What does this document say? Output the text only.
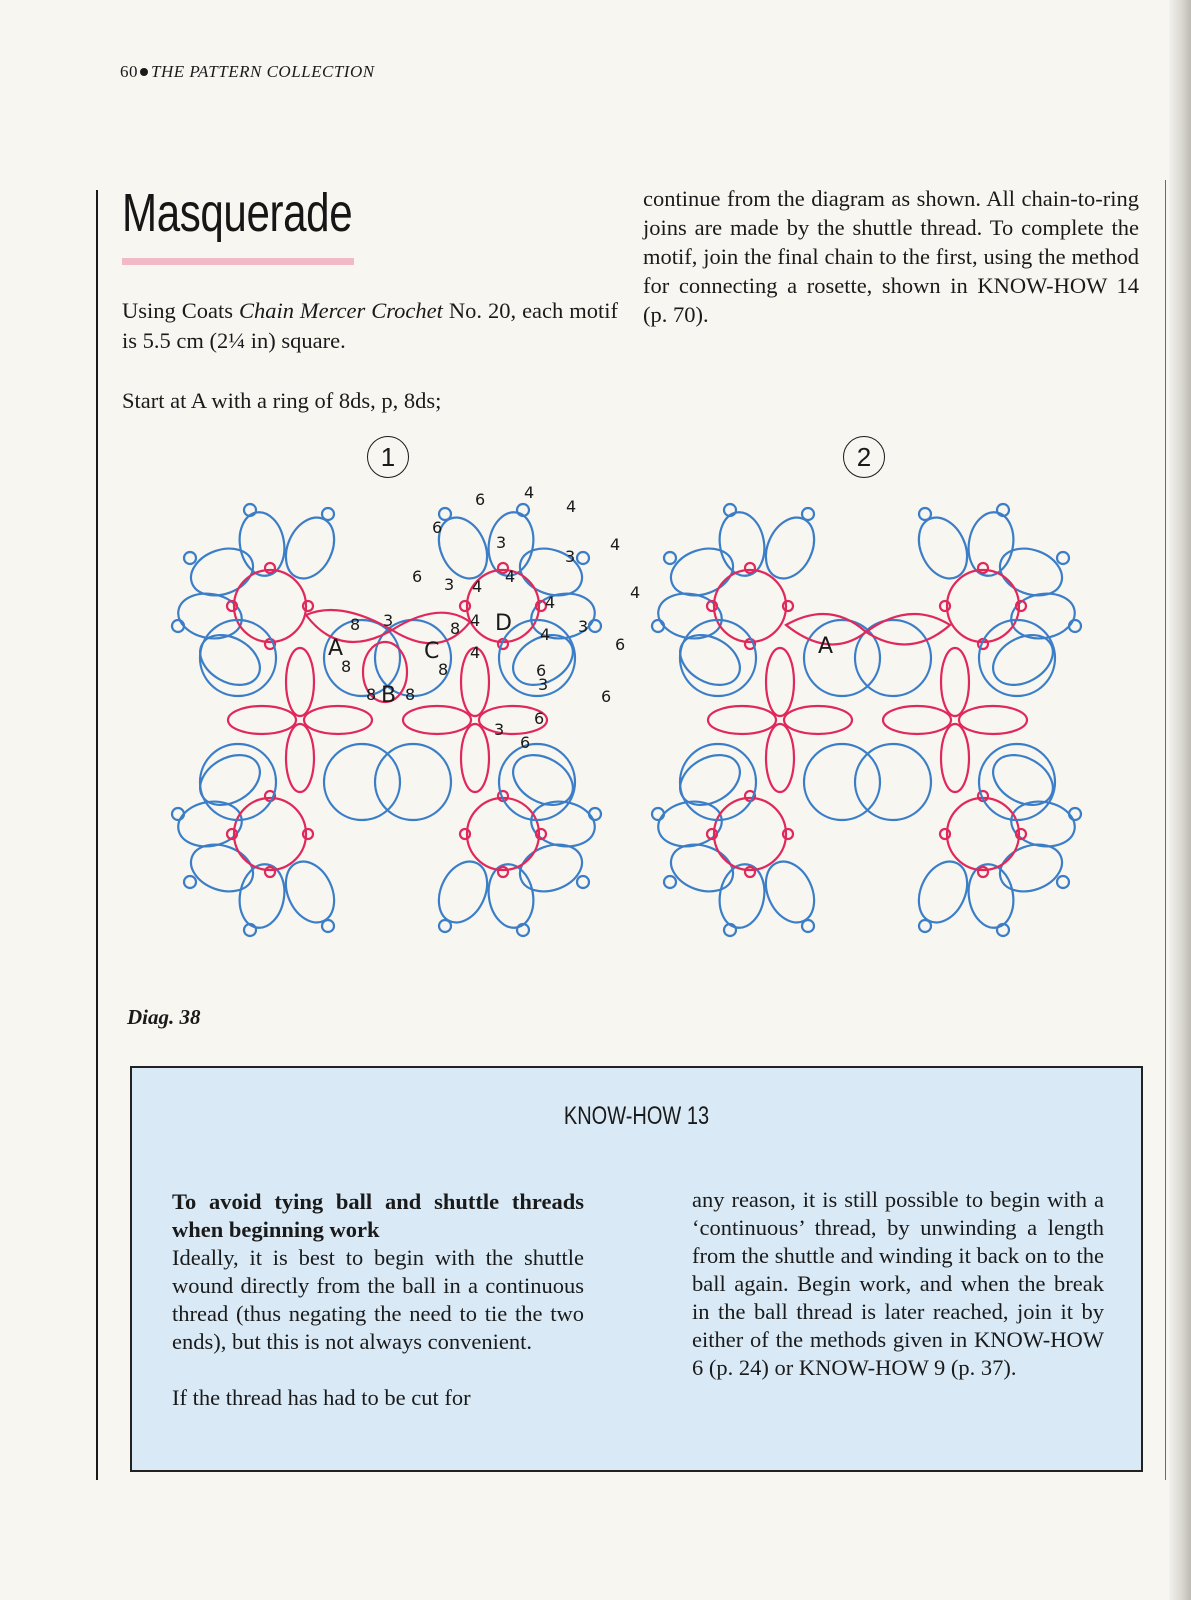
60 THE PATTERN COLLECTION
Masquerade

Using Coats Chain Mercer Crochet No. 20, each motif is 5.5 cm (2¼ in) square.

Start at A with a ring of 8ds, p, 8ds;

continue from the diagram as shown. All chain-to-ring joins are made by the shuttle thread. To complete the motif, join the final chain to the first, using the method for connecting a rosette, shown in KNOW-HOW 14 (p. 70).

1	2
A
B
C
D
A
8
8
3
8 8
8
8
6
6 3 4
4
4
6 4
3
4
4
4
3
4
4
6
3
4
6
3
3
6
6
6
Diag. 38
KNOW-HOW 13

To avoid tying ball and shuttle threads when beginning work

Ideally, it is best to begin with the shuttle wound directly from the ball in a continuous thread (thus negating the need to tie the two ends), but this is not always convenient.

If the thread has had to be cut for

any reason, it is still possible to begin with a ‘continuous’ thread, by unwinding a length from the shuttle and winding it back on to the ball again. Begin work, and when the break in the ball thread is later reached, join it by either of the methods given in KNOW-HOW 6 (p. 24) or KNOW-HOW 9 (p. 37).
